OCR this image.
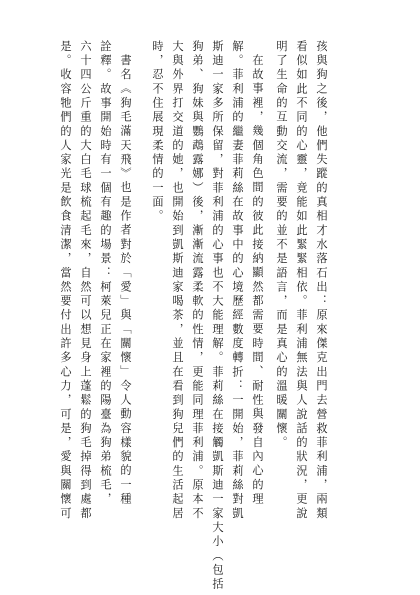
孩與狗之後，他們失蹤的真相才水落石出：原來傑克出門去營救菲利浦，兩類
看似如此不同的心靈，竟能如此緊緊相依。菲利浦無法與人說話的狀況，更說
明了生命的互動交流，需要的並不是語言，而是真心的溫暖關懷。
在故事裡，幾個角色間的彼此接納顯然都需要時間、耐性與發自內心的理
解。菲利浦的繼妻菲莉絲在故事中的心境歷經數度轉折：一開始，菲莉絲對凱
斯迪一家多所保留，對菲利浦的心事也不大能理解。菲莉絲在接觸凱斯迪一家大小（包括
狗弟、狗妹與鸚鵡露娜）後，漸漸流露柔軟的性情，更能同理菲利浦。原本不
大與外界打交道的她，也開始到凱斯迪家喝茶，並且在看到狗兒們的生活起居
時，忍不住展現柔情的一面。
書名《狗毛滿天飛》也是作者對於「愛」與「關懷」令人動容樣貌的一種
詮釋。故事開始時有一個有趣的場景：柯萊兒正在家裡的陽臺為狗弟梳毛，
六十四公斤重的大白毛球梳起毛來，自然可以想見身上蓬鬆的狗毛掉得到處都
是。收容牠們的人家光是飲食清潔，當然要付出許多心力，可是，愛與關懷可
